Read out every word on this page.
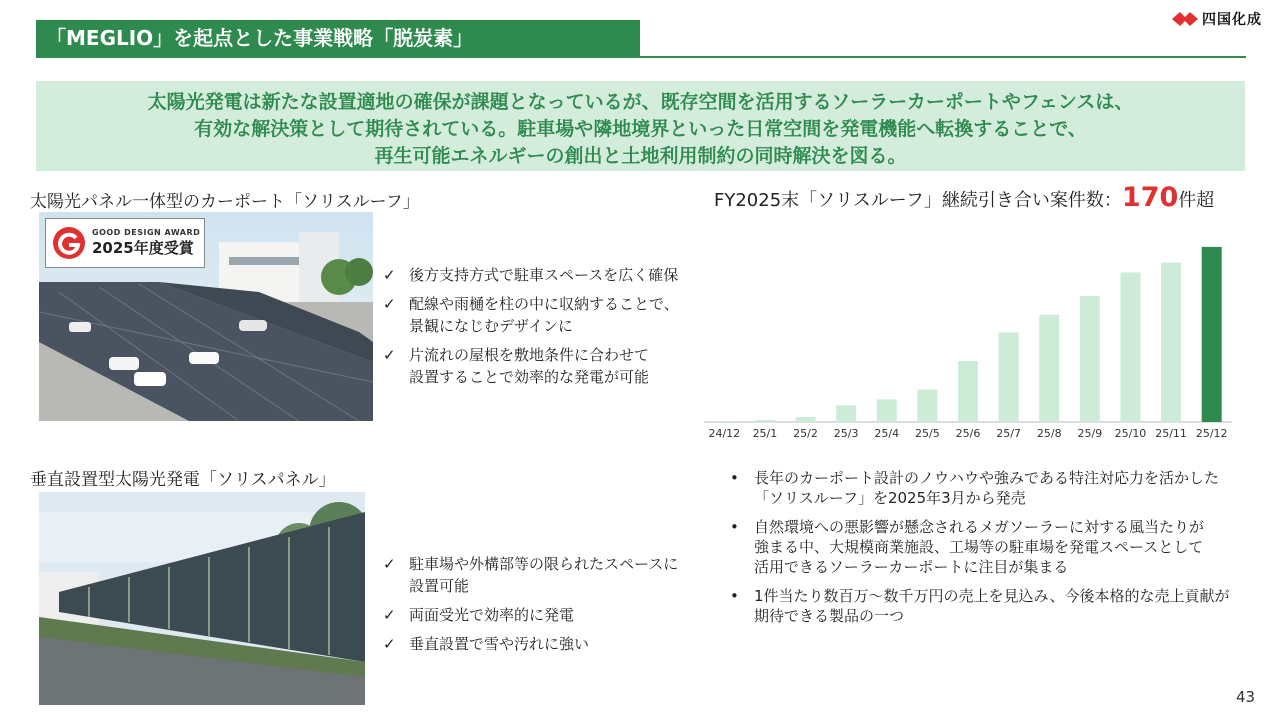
「MEGLIO」を起点とした事業戦略「脱炭素」
四国化成
太陽光発電は新たな設置適地の確保が課題となっているが、既存空間を活用するソーラーカーポートやフェンスは、
有効な解決策として期待されている。駐車場や隣地境界といった日常空間を発電機能へ転換することで、
再生可能エネルギーの創出と土地利用制約の同時解決を図る。
太陽光パネル一体型のカーポート「ソリスルーフ」
GOOD DESIGN AWARD
2025年度受賞
✓ 後方支持方式で駐車スペースを広く確保
✓ 配線や雨樋を柱の中に収納することで、
景観になじむデザインに
✓ 片流れの屋根を敷地条件に合わせて
設置することで効率的な発電が可能
垂直設置型太陽光発電「ソリスパネル」
✓ 駐車場や外構部等の限られたスペースに
設置可能
✓ 両面受光で効率的に発電
✓ 垂直設置で雪や汚れに強い
FY2025末「ソリスルーフ」継続引き合い案件数：170件超
24/12 25/1 25/2 25/3 25/4 25/5 25/6 25/7 25/8 25/9 25/10 25/11 25/12
•	長年のカーポート設計のノウハウや強みである特注対応力を活かした
「ソリスルーフ」を2025年3月から発売
•	自然環境への悪影響が懸念されるメガソーラーに対する風当たりが
強まる中、大規模商業施設、工場等の駐車場を発電スペースとして
活用できるソーラーカーポートに注目が集まる
•	1件当たり数百万～数千万円の売上を見込み、今後本格的な売上貢献が
期待できる製品の一つ
43
